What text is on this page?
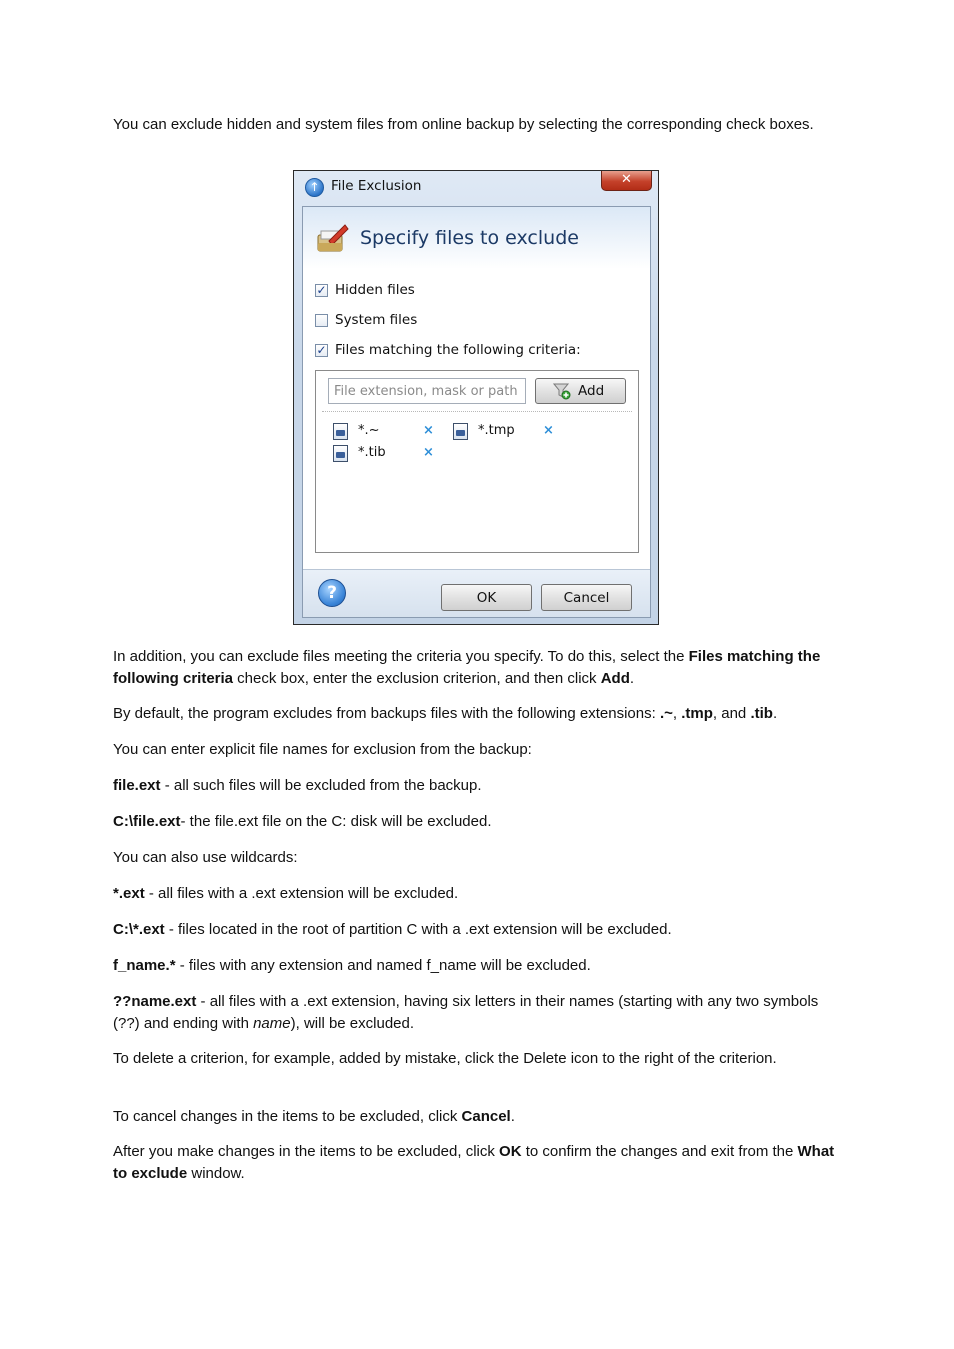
You can exclude hidden and system files from online backup by selecting the corresponding check boxes.

↑ File Exclusion	✕
Specify files to exclude
✓ Hidden files
System files
✓ Files matching the following criteria:
File extension, mask or path
Add
*.~	×	*.tmp ×
*.tib	×
?	OK	Cancel

In addition, you can exclude files meeting the criteria you specify. To do this, select the Files matching the following criteria check box, enter the exclusion criterion, and then click Add.

By default, the program excludes from backups files with the following extensions: .~, .tmp, and .tib.

You can enter explicit file names for exclusion from the backup:

file.ext - all such files will be excluded from the backup.

C:\file.ext- the file.ext file on the C: disk will be excluded.

You can also use wildcards:

*.ext - all files with a .ext extension will be excluded.

C:\*.ext - files located in the root of partition C with a .ext extension will be excluded.

f_name.* - files with any extension and named f_name will be excluded.

??name.ext - all files with a .ext extension, having six letters in their names (starting with any two symbols (??) and ending with name), will be excluded.

To delete a criterion, for example, added by mistake, click the Delete icon to the right of the criterion.

To cancel changes in the items to be excluded, click Cancel.

After you make changes in the items to be excluded, click OK to confirm the changes and exit from the What to exclude window.
